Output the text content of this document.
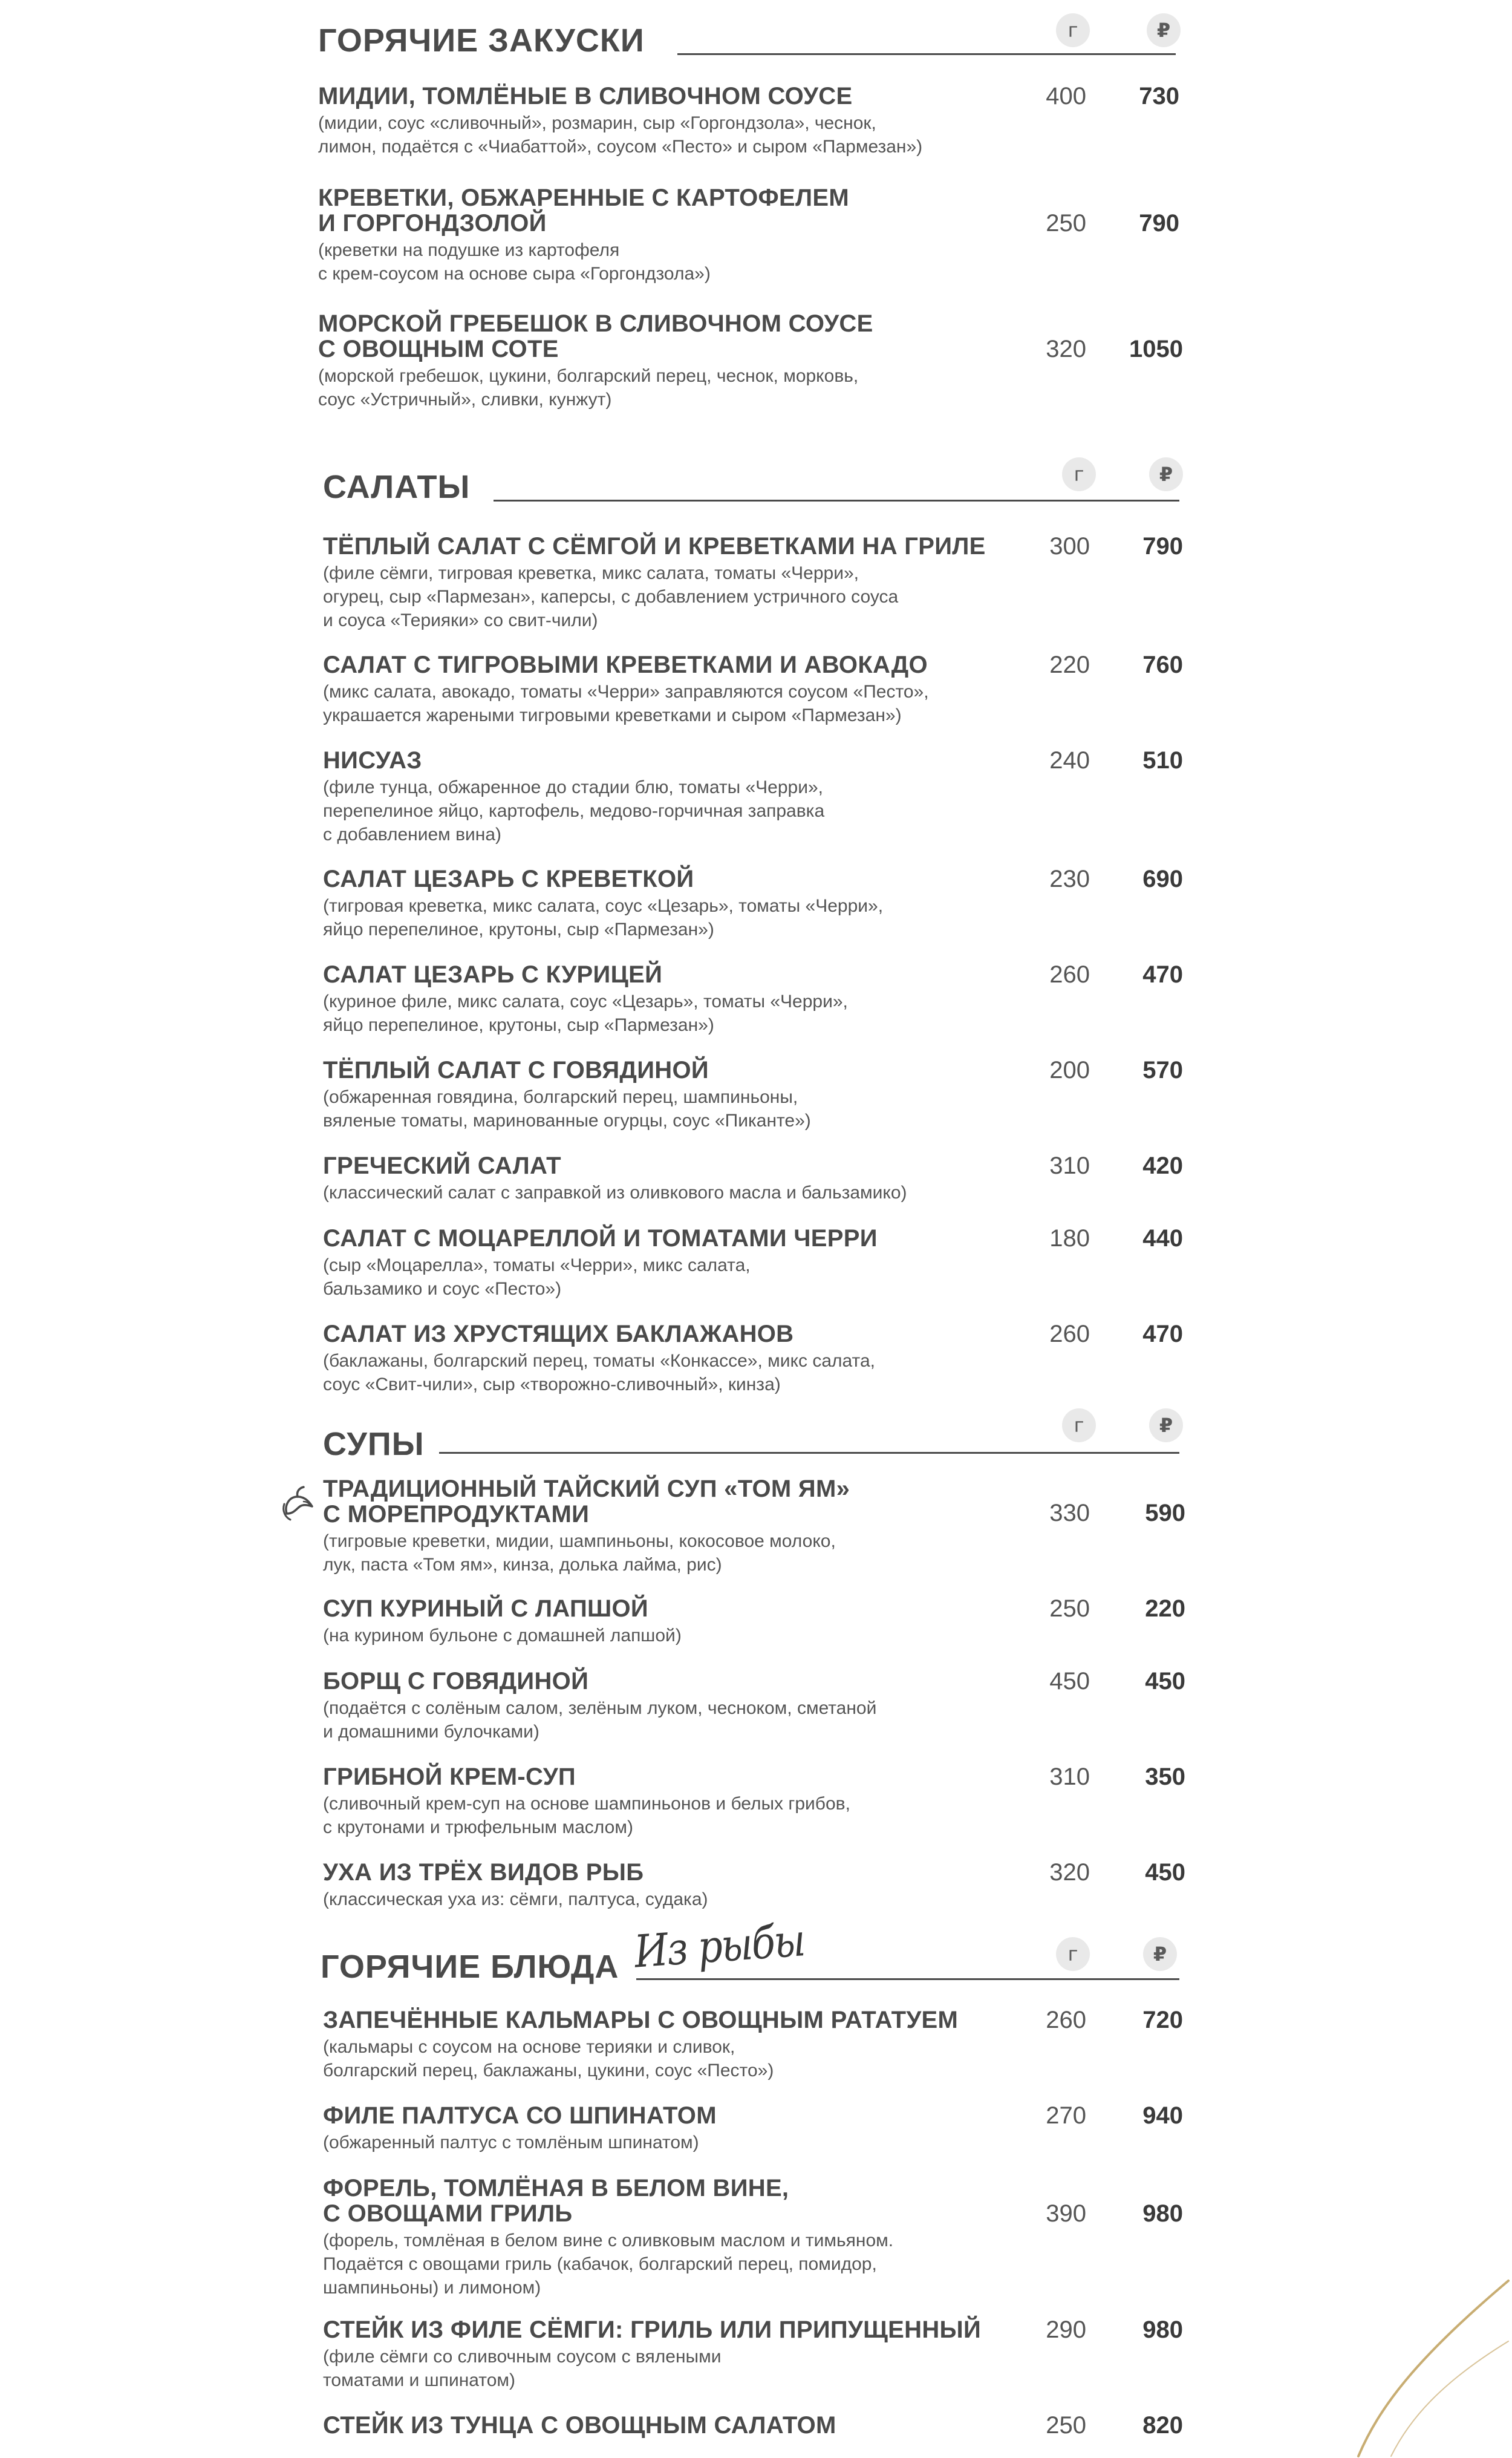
ГОРЯЧИЕ ЗАКУСКИ	г	₽
САЛАТЫ	г	₽
СУПЫ
г	₽
ГОРЯЧИЕ БЛЮДА	г	₽
Из рыбы
МИДИИ, ТОМЛЁНЫЕ В СЛИВОЧНОМ СОУСЕ
(мидии, соус «сливочный», розмарин, сыр «Горгондзола», чеснок,
лимон, подаётся с «Чиабаттой», соусом «Песто» и сыром «Пармезан»)
400	730
КРЕВЕТКИ, ОБЖАРЕННЫЕ С КАРТОФЕЛЕМ
И ГОРГОНДЗОЛОЙ
(креветки на подушке из картофеля
с крем-соусом на основе сыра «Горгондзола»)
250	790
МОРСКОЙ ГРЕБЕШОК В СЛИВОЧНОМ СОУСЕ
С ОВОЩНЫМ СОТЕ
(морской гребешок, цукини, болгарский перец, чеснок, морковь,
соус «Устричный», сливки, кунжут)
320	1050
ТЁПЛЫЙ САЛАТ С СЁМГОЙ И КРЕВЕТКАМИ НА ГРИЛЕ
(филе сёмги, тигровая креветка, микс салата, томаты «Черри»,
огурец, сыр «Пармезан», каперсы, с добавлением устричного соуса
и соуса «Терияки» со свит-чили)
300	790
САЛАТ С ТИГРОВЫМИ КРЕВЕТКАМИ И АВОКАДО
(микс салата, авокадо, томаты «Черри» заправляются соусом «Песто»,
украшается жареными тигровыми креветками и сыром «Пармезан»)
220	760
НИСУАЗ
(филе тунца, обжаренное до стадии блю, томаты «Черри»,
перепелиное яйцо, картофель, медово-горчичная заправка
с добавлением вина)
240	510
САЛАТ ЦЕЗАРЬ С КРЕВЕТКОЙ
(тигровая креветка, микс салата, соус «Цезарь», томаты «Черри»,
яйцо перепелиное, крутоны, сыр «Пармезан»)
230	690
САЛАТ ЦЕЗАРЬ С КУРИЦЕЙ
(куриное филе, микс салата, соус «Цезарь», томаты «Черри»,
яйцо перепелиное, крутоны, сыр «Пармезан»)
260	470
ТЁПЛЫЙ САЛАТ С ГОВЯДИНОЙ
(обжаренная говядина, болгарский перец, шампиньоны,
вяленые томаты, маринованные огурцы, соус «Пиканте»)
200	570
ГРЕЧЕСКИЙ САЛАТ
(классический салат с заправкой из оливкового масла и бальзамико)
310	420
САЛАТ С МОЦАРЕЛЛОЙ И ТОМАТАМИ ЧЕРРИ
(сыр «Моцарелла», томаты «Черри», микс салата,
бальзамико и соус «Песто»)
180	440
САЛАТ ИЗ ХРУСТЯЩИХ БАКЛАЖАНОВ
(баклажаны, болгарский перец, томаты «Конкассе», микс салата,
соус «Свит-чили», сыр «творожно-сливочный», кинза)
260	470
ТРАДИЦИОННЫЙ ТАЙСКИЙ СУП «ТОМ ЯМ»
С МОРЕПРОДУКТАМИ
(тигровые креветки, мидии, шампиньоны, кокосовое молоко,
лук, паста «Том ям», кинза, долька лайма, рис)
330	590
СУП КУРИНЫЙ С ЛАПШОЙ
(на курином бульоне с домашней лапшой)
250	220
БОРЩ С ГОВЯДИНОЙ
(подаётся с солёным салом, зелёным луком, чесноком, сметаной
и домашними булочками)
450	450
ГРИБНОЙ КРЕМ-СУП
(сливочный крем-суп на основе шампиньонов и белых грибов,
с крутонами и трюфельным маслом)
310	350
УХА ИЗ ТРЁХ ВИДОВ РЫБ
(классическая уха из: сёмги, палтуса, судака)
320	450
ЗАПЕЧЁННЫЕ КАЛЬМАРЫ С ОВОЩНЫМ РАТАТУЕМ
(кальмары с соусом на основе терияки и сливок,
болгарский перец, баклажаны, цукини, соус «Песто»)
260	720
ФИЛЕ ПАЛТУСА СО ШПИНАТОМ
(обжаренный палтус с томлёным шпинатом)
270	940
ФОРЕЛЬ, ТОМЛЁНАЯ В БЕЛОМ ВИНЕ,
С ОВОЩАМИ ГРИЛЬ
(форель, томлёная в белом вине с оливковым маслом и тимьяном.
Подаётся с овощами гриль (кабачок, болгарский перец, помидор,
шампиньоны) и лимоном)
390	980
СТЕЙК ИЗ ФИЛЕ СЁМГИ: ГРИЛЬ ИЛИ ПРИПУЩЕННЫЙ
(филе сёмги со сливочным соусом с вялеными
томатами и шпинатом)
290	980
СТЕЙК ИЗ ТУНЦА С ОВОЩНЫМ САЛАТОМ	250	820
